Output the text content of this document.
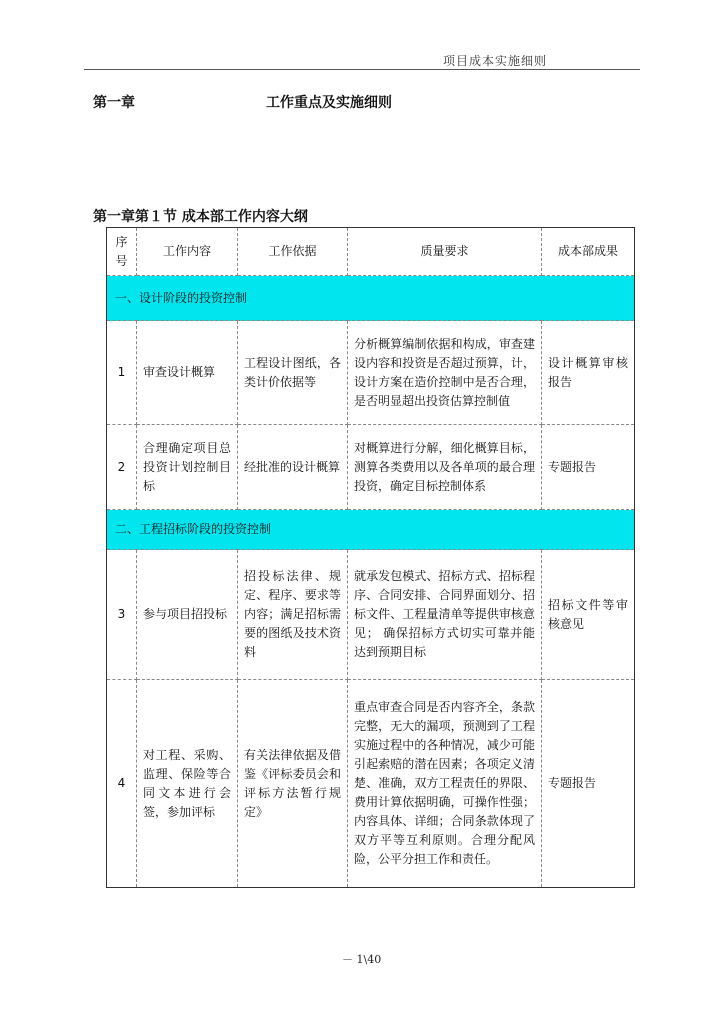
项目成本实施细则
第一章	工作重点及实施细则
第一章第１节 成本部工作内容大纲
序号	工作内容	工作依据	质量要求	成本部成果
一、设计阶段的投资控制				
1	审查设计概算	工程设计图纸，各类计价依据等	分析概算编制依据和构成，审查建设内容和投资是否超过预算，计，设计方案在造价控制中是否合理，是否明显超出投资估算控制值	设计概算审核报告
2	合理确定项目总投资计划控制目标	经批准的设计概算	对概算进行分解，细化概算目标，测算各类费用以及各单项的最合理投资，确定目标控制体系	专题报告
二、工程招标阶段的投资控制				
3	参与项目招投标	招投标法律、规定、程序、要求等内容；满足招标需要的图纸及技术资料	就承发包模式、招标方式、招标程序、合同安排、合同界面划分、招标文件、工程量清单等提供审核意见； 确保招标方式切实可靠并能达到预期目标	招标文件等审核意见
4	对工程、采购、监理、保险等合同文本进行会签，参加评标	有关法律依据及借鉴《评标委员会和评标方法暂行规定》	重点审查合同是否内容齐全，条款完整，无大的漏项，预测到了工程实施过程中的各种情况，减少可能引起索赔的潜在因素；各项定义清楚、准确，双方工程责任的界限、费用计算依据明确，可操作性强；内容具体、详细；合同条款体现了双方平等互利原则。合理分配风险，公平分担工作和责任。	专题报告
－ 1\40
